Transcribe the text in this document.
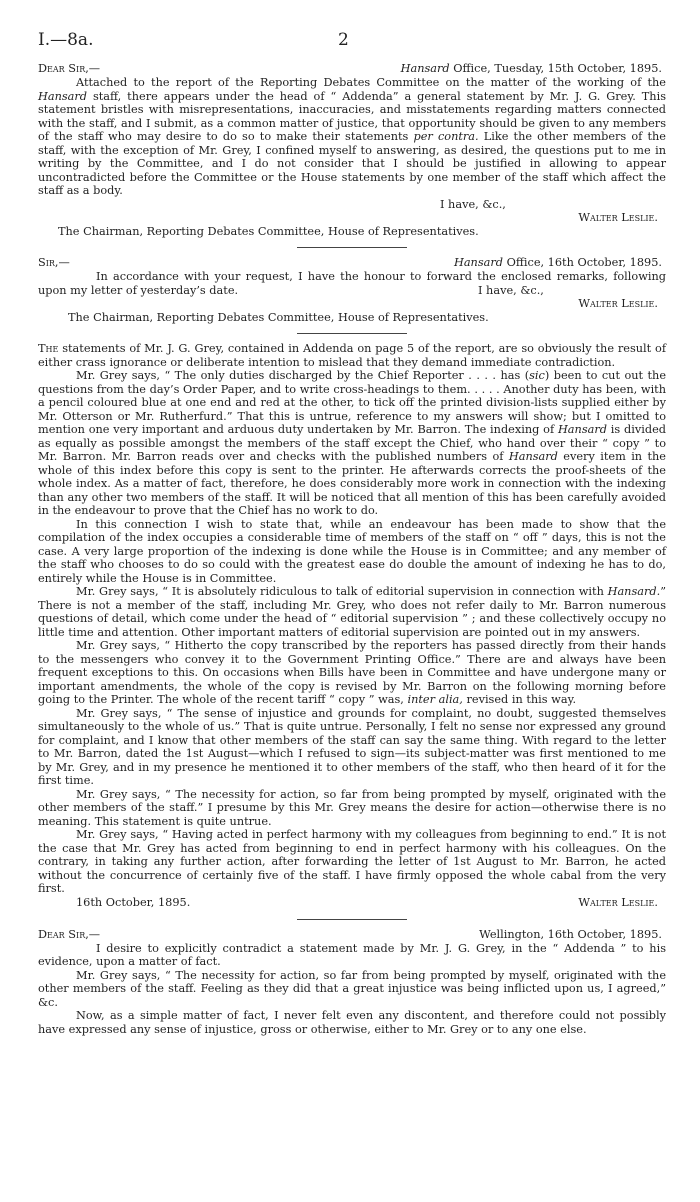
I.—8a.	2
Dear Sir,—	Hansard Office, Tuesday, 15th October, 1895.

Attached to the report of the Reporting Debates Committee on the matter of the working of the Hansard staff, there appears under the head of “ Addenda” a general statement by Mr. J. G. Grey. This statement bristles with misrepresentations, inaccuracies, and misstatements regarding matters connected with the staff, and I submit, as a common matter of justice, that opportunity should be given to any members of the staff who may desire to do so to make their statements per contra. Like the other members of the staff, with the exception of Mr. Grey, I confined myself to answering, as desired, the questions put to me in writing by the Committee, and I do not consider that I should be justified in allowing to appear uncontradicted before the Committee or the House statements by one member of the staff which affect the staff as a body.

I have, &c.,
Walter Leslie.
The Chairman, Reporting Debates Committee, House of Representatives.
Sir,—	Hansard Office, 16th October, 1895.

In accordance with your request, I have the honour to forward the enclosed remarks, following upon my letter of yesterday’s date.	I have, &c.,
Walter Leslie.
The Chairman, Reporting Debates Committee, House of Representatives.

The statements of Mr. J. G. Grey, contained in Addenda on page 5 of the report, are so obviously the result of either crass ignorance or deliberate intention to mislead that they demand immediate contradiction.

Mr. Grey says, “ The only duties discharged by the Chief Reporter . . . . has (sic) been to cut out the questions from the day’s Order Paper, and to write cross-headings to them. . . . . Another duty has been, with a pencil coloured blue at one end and red at the other, to tick off the printed division-lists supplied either by Mr. Otterson or Mr. Rutherfurd.” That this is untrue, reference to my answers will show; but I omitted to mention one very important and arduous duty undertaken by Mr. Barron. The indexing of Hansard is divided as equally as possible amongst the members of the staff except the Chief, who hand over their “ copy ” to Mr. Barron. Mr. Barron reads over and checks with the published numbers of Hansard every item in the whole of this index before this copy is sent to the printer. He afterwards corrects the proof-sheets of the whole index. As a matter of fact, therefore, he does considerably more work in connection with the indexing than any other two members of the staff. It will be noticed that all mention of this has been carefully avoided in the endeavour to prove that the Chief has no work to do.

In this connection I wish to state that, while an endeavour has been made to show that the compilation of the index occupies a considerable time of members of the staff on “ off ” days, this is not the case. A very large proportion of the indexing is done while the House is in Committee; and any member of the staff who chooses to do so could with the greatest ease do double the amount of indexing he has to do, entirely while the House is in Committee.

Mr. Grey says, “ It is absolutely ridiculous to talk of editorial supervision in connection with Hansard.” There is not a member of the staff, including Mr. Grey, who does not refer daily to Mr. Barron numerous questions of detail, which come under the head of “ editorial supervision ” ; and these collectively occupy no little time and attention. Other important matters of editorial supervision are pointed out in my answers.

Mr. Grey says, “ Hitherto the copy transcribed by the reporters has passed directly from their hands to the messengers who convey it to the Government Printing Office.” There are and always have been frequent exceptions to this. On occasions when Bills have been in Committee and have undergone many or important amendments, the whole of the copy is revised by Mr. Barron on the following morning before going to the Printer. The whole of the recent tariff “ copy ” was, inter alia, revised in this way.

Mr. Grey says, “ The sense of injustice and grounds for complaint, no doubt, suggested themselves simultaneously to the whole of us.” That is quite untrue. Personally, I felt no sense nor expressed any ground for complaint, and I know that other members of the staff can say the same thing. With regard to the letter to Mr. Barron, dated the 1st August—which I refused to sign—its subject-matter was first mentioned to me by Mr. Grey, and in my presence he mentioned it to other members of the staff, who then heard of it for the first time.

Mr. Grey says, “ The necessity for action, so far from being prompted by myself, originated with the other members of the staff.” I presume by this Mr. Grey means the desire for action—otherwise there is no meaning. This statement is quite untrue.

Mr. Grey says, “ Having acted in perfect harmony with my colleagues from beginning to end.” It is not the case that Mr. Grey has acted from beginning to end in perfect harmony with his colleagues. On the contrary, in taking any further action, after forwarding the letter of 1st August to Mr. Barron, he acted without the concurrence of certainly five of the staff. I have firmly opposed the whole cabal from the very first.

16th October, 1895.	Walter Leslie.
Dear Sir,—	Wellington, 16th October, 1895.

I desire to explicitly contradict a statement made by Mr. J. G. Grey, in the “ Addenda ” to his evidence, upon a matter of fact.

Mr. Grey says, “ The necessity for action, so far from being prompted by myself, originated with the other members of the staff. Feeling as they did that a great injustice was being inflicted upon us, I agreed,” &c.

Now, as a simple matter of fact, I never felt even any discontent, and therefore could not possibly have expressed any sense of injustice, gross or otherwise, either to Mr. Grey or to any one else.
